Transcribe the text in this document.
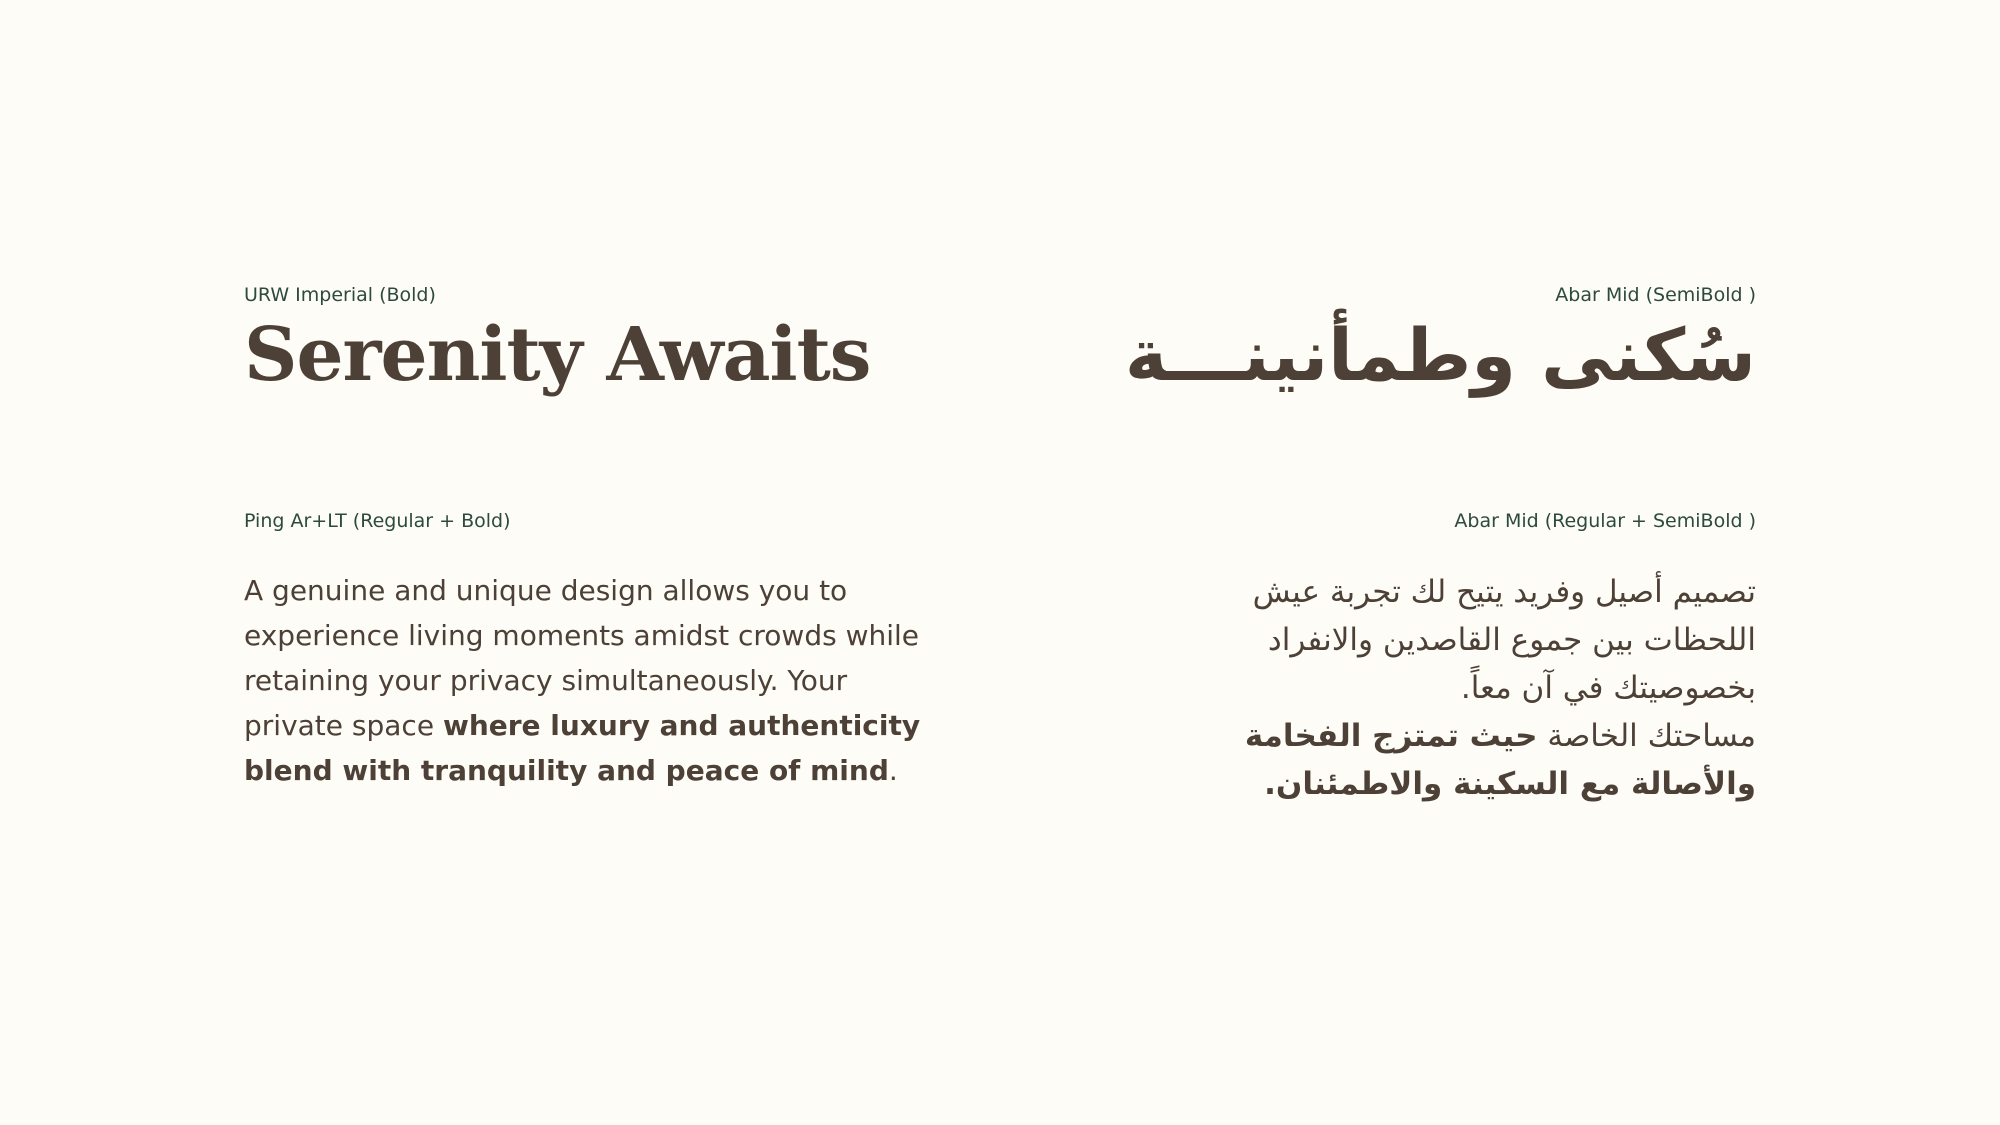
URW Imperial (Bold)
Serenity Awaits
Ping Ar+LT (Regular + Bold)

A genuine and unique design allows you to experience living moments amidst crowds while retaining your privacy simultaneously. Your private space where luxury and authenticity blend with tranquility and peace of mind.

Abar Mid (SemiBold )
سُكنى وطمأنينـــة
Abar Mid (Regular + SemiBold )

تصميم أصيل وفريد يتيح لك تجربة عيش
اللحظات بين جموع القاصدين والانفراد
بخصوصيتك في آن معاً.
مساحتك الخاصة حيث تمتزج الفخامة
والأصالة مع السكينة والاطمئنان.
